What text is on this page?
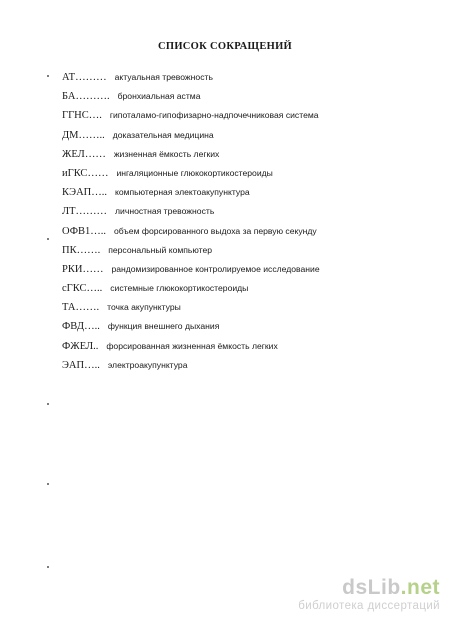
СПИСОК СОКРАЩЕНИЙ
АТ ……… актуальная тревожность
БА ………. бронхиальная астма
ГГНС …. гипоталамо-гипофизарно-надпочечниковая система
ДМ …….. доказательная медицина
ЖЕЛ …… жизненная ёмкость легких
иГКС …… ингаляционные глюкокортикостероиды
КЭАП ….. компьютерная электоакупунктура
ЛТ ……… личностная тревожность
ОФВ1 ….. объем форсированного выдоха за первую секунду
ПК ……. персональный компьютер
РКИ …… рандомизированное контролируемое исследование
сГКС ….. системные глюкокортикостероиды
ТА ……. точка акупунктуры
ФВД ….. функция внешнего дыхания
ФЖЕЛ .. форсированная жизненная ёмкость легких
ЭАП ….. электроакупунктура
dsLib.net
библиотека диссертаций
